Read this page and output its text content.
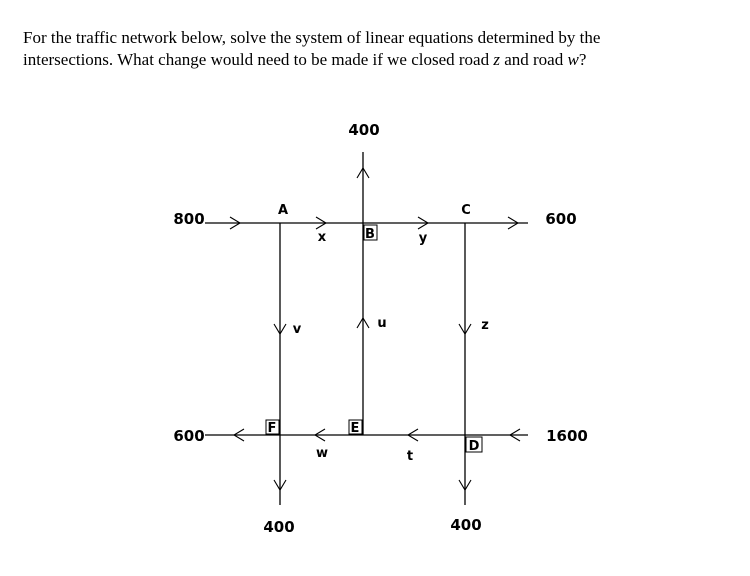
For the traffic network below, solve the system of linear equations determined by the
intersections. What change would need to be made if we closed road z and road w?
A
B
C
D
E
F
x	y
u
v	z
w	t
800	600
400
600	1600
400	400
